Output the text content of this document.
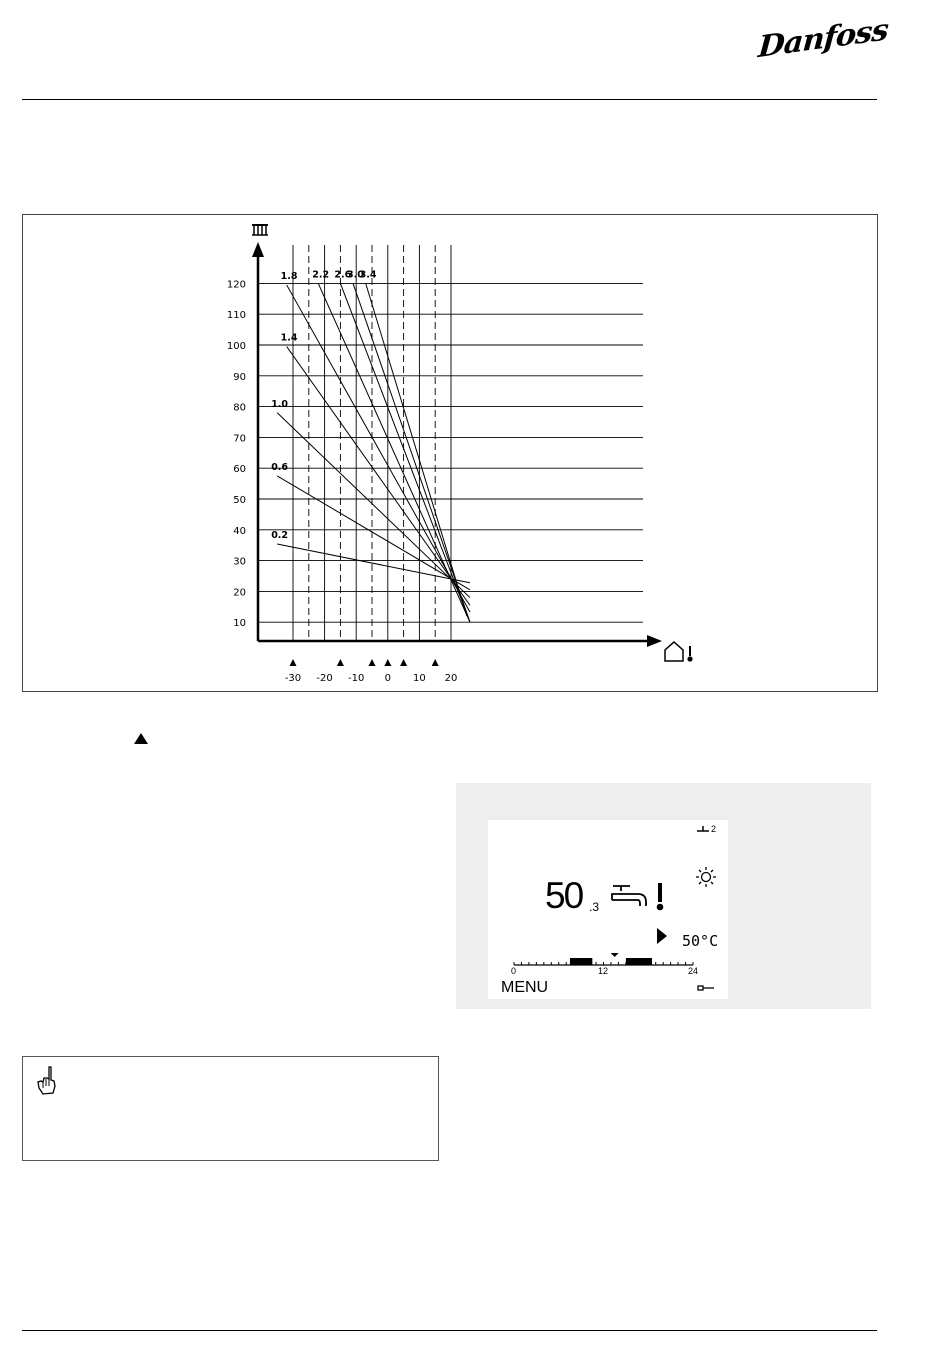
Danfoss
10
20
30
40
50
60
70
80
90
100
110
120
-30 -20 -10 0 10 20
0.2
0.6
1.0
1.4
1.8 2.2 2.6
3.0
3.4
2
50 .3
50°C
0	12	24
MENU
